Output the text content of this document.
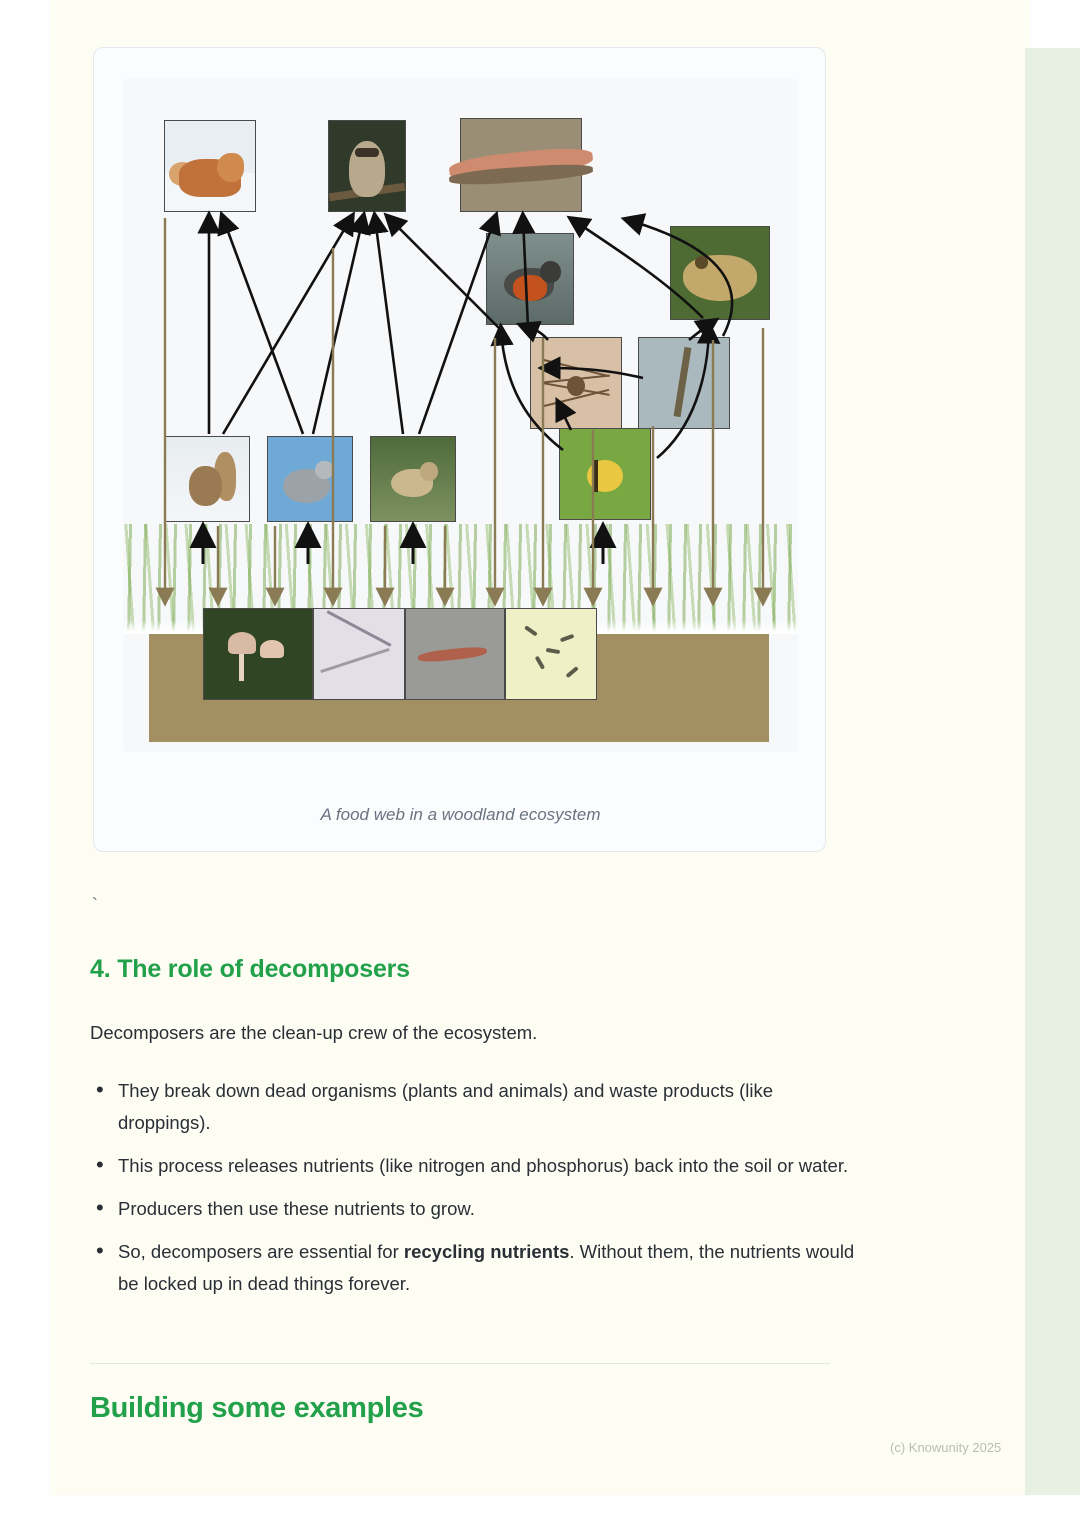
A food web in a woodland ecosystem
`
4. The role of decomposers

Decomposers are the clean-up crew of the ecosystem.

• They break down dead organisms (plants and animals) and waste products (like droppings).
• This process releases nutrients (like nitrogen and phosphorus) back into the soil or water.
• Producers then use these nutrients to grow.
• So, decomposers are essential for recycling nutrients. Without them, the nutrients would be locked up in dead things forever.
Building some examples
(c) Knowunity 2025
